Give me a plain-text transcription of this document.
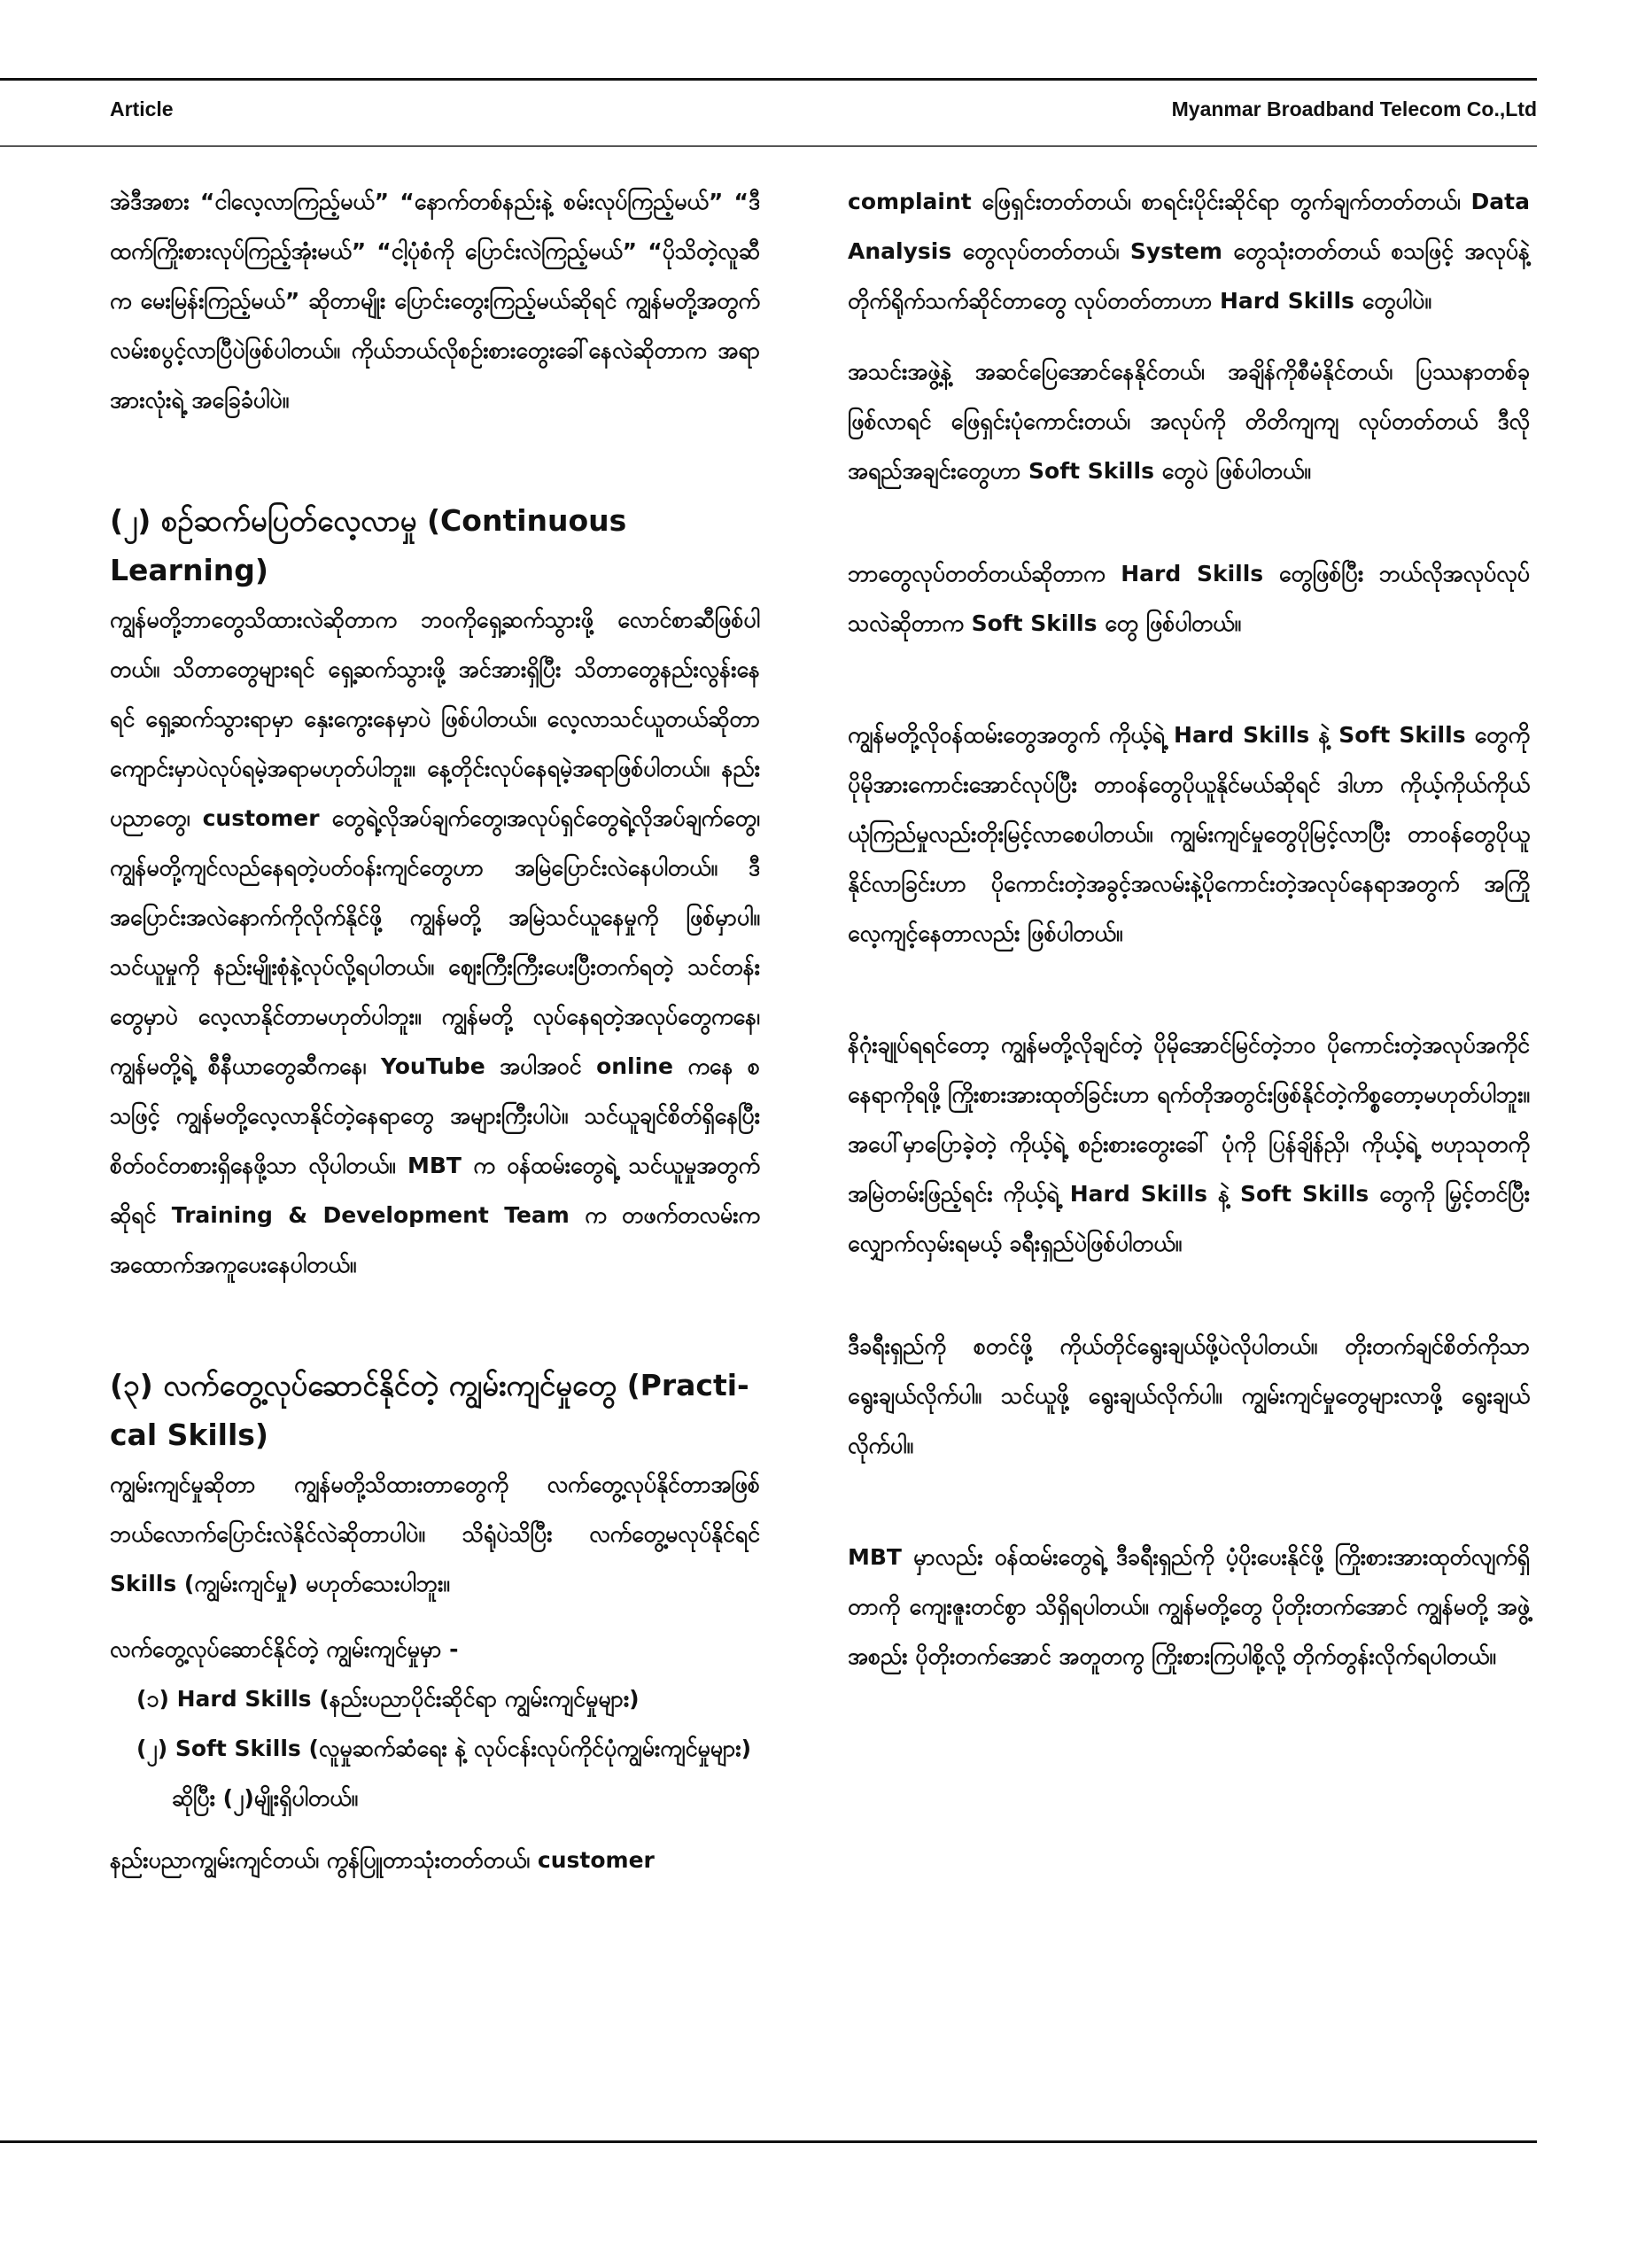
Article	Myanmar Broadband Telecom Co.,Ltd

အဲဒီအစား “ငါလေ့လာကြည့်မယ်” “နောက်တစ်နည်းနဲ့ စမ်းလုပ်ကြည့်မယ်” “ဒီထက်ကြိုးစားလုပ်ကြည့်အုံးမယ်” “ငါ့ပုံစံကို ပြောင်းလဲကြည့်မယ်” “ပိုသိတဲ့လူဆီက မေးမြန်းကြည့်မယ်” ဆိုတာမျိုး ပြောင်းတွေးကြည့်မယ်ဆိုရင် ကျွန်မတို့အတွက် လမ်းစပွင့်လာပြီပဲဖြစ်ပါတယ်။ ကိုယ်ဘယ်လိုစဉ်းစားတွေးခေါ်နေလဲဆိုတာက အရာအားလုံးရဲ့ အခြေခံပါပဲ။

(၂) စဉ်ဆက်မပြတ်လေ့လာမှု (Continuous Learning)

ကျွန်မတို့ဘာတွေသိထားလဲဆိုတာက ဘဝကိုရှေ့ဆက်သွားဖို့ လောင်စာဆီဖြစ်ပါတယ်။ သိတာတွေများရင် ရှေ့ဆက်သွားဖို့ အင်အားရှိပြီး သိတာတွေနည်းလွန်းနေရင် ရှေ့ဆက်သွားရာမှာ နှေးကွေးနေမှာပဲ ဖြစ်ပါတယ်။ လေ့လာသင်ယူတယ်ဆိုတာ ကျောင်းမှာပဲလုပ်ရမဲ့အရာမဟုတ်ပါဘူး။ နေ့တိုင်းလုပ်နေရမဲ့အရာဖြစ်ပါတယ်။ နည်းပညာတွေ၊ customer တွေရဲ့လိုအပ်ချက်တွေ၊အလုပ်ရှင်တွေရဲ့လိုအပ်ချက်တွေ၊ကျွန်မတို့ကျင်လည်နေရတဲ့ပတ်ဝန်းကျင်တွေဟာ အမြဲပြောင်းလဲနေပါတယ်။ ဒီအပြောင်းအလဲနောက်ကိုလိုက်နိုင်ဖို့ ကျွန်မတို့ အမြဲသင်ယူနေမှုကို ဖြစ်မှာပါ။ သင်ယူမှုကို နည်းမျိုးစုံနဲ့လုပ်လို့ရပါတယ်။ ဈေးကြီးကြီးပေးပြီးတက်ရတဲ့ သင်တန်းတွေမှာပဲ လေ့လာနိုင်တာမဟုတ်ပါဘူး။ ကျွန်မတို့ လုပ်နေရတဲ့အလုပ်တွေကနေ၊ ကျွန်မတို့ရဲ့ စီနီယာတွေဆီကနေ၊ YouTube အပါအဝင် online ကနေ စသဖြင့် ကျွန်မတို့လေ့လာနိုင်တဲ့နေရာတွေ အများကြီးပါပဲ။ သင်ယူချင်စိတ်ရှိနေပြီး စိတ်ဝင်တစားရှိနေဖို့သာ လိုပါတယ်။ MBT က ဝန်ထမ်းတွေရဲ့ သင်ယူမှုအတွက်ဆိုရင် Training & Development Team က တဖက်တလမ်းက အထောက်အကူပေးနေပါတယ်။

(၃) လက်တွေ့လုပ်ဆောင်နိုင်တဲ့ ကျွမ်းကျင်မှုတွေ (Practi-cal Skills)

ကျွမ်းကျင်မှုဆိုတာ ကျွန်မတို့သိထားတာတွေကို လက်တွေ့လုပ်နိုင်တာအဖြစ် ဘယ်လောက်ပြောင်းလဲနိုင်လဲဆိုတာပါပဲ။ သိရုံပဲသိပြီး လက်တွေ့မလုပ်နိုင်ရင် Skills (ကျွမ်းကျင်မှု) မဟုတ်သေးပါဘူး။

လက်တွေ့လုပ်ဆောင်နိုင်တဲ့ ကျွမ်းကျင်မှုမှာ -

(၁) Hard Skills (နည်းပညာပိုင်းဆိုင်ရာ ကျွမ်းကျင်မှုများ)

(၂) Soft Skills (လူမှုဆက်ဆံရေး နဲ့ လုပ်ငန်းလုပ်ကိုင်ပုံကျွမ်းကျင်မှုများ)

ဆိုပြီး (၂)မျိုးရှိပါတယ်။

နည်းပညာကျွမ်းကျင်တယ်၊ ကွန်ပြူတာသုံးတတ်တယ်၊ customer

complaint ဖြေရှင်းတတ်တယ်၊ စာရင်းပိုင်းဆိုင်ရာ တွက်ချက်တတ်တယ်၊ Data Analysis တွေလုပ်တတ်တယ်၊ System တွေသုံးတတ်တယ် စသဖြင့် အလုပ်နဲ့တိုက်ရိုက်သက်ဆိုင်တာတွေ လုပ်တတ်တာဟာ Hard Skills တွေပါပဲ။

အသင်းအဖွဲ့နဲ့ အဆင်ပြေအောင်နေနိုင်တယ်၊ အချိန်ကိုစီမံနိုင်တယ်၊ ပြဿနာတစ်ခုဖြစ်လာရင် ဖြေရှင်းပုံကောင်းတယ်၊ အလုပ်ကို တိတိကျကျ လုပ်တတ်တယ် ဒီလိုအရည်အချင်းတွေဟာ Soft Skills တွေပဲ ဖြစ်ပါတယ်။

ဘာတွေလုပ်တတ်တယ်ဆိုတာက Hard Skills တွေဖြစ်ပြီး ဘယ်လိုအလုပ်လုပ်သလဲဆိုတာက Soft Skills တွေ ဖြစ်ပါတယ်။

ကျွန်မတို့လိုဝန်ထမ်းတွေအတွက် ကိုယ့်ရဲ့ Hard Skills နဲ့ Soft Skills တွေကို ပိုမိုအားကောင်းအောင်လုပ်ပြီး တာဝန်တွေပိုယူနိုင်မယ်ဆိုရင် ဒါဟာ ကိုယ့်ကိုယ်ကိုယ် ယုံကြည်မှုလည်းတိုးမြင့်လာစေပါတယ်။ ကျွမ်းကျင်မှုတွေပိုမြင့်လာပြီး တာဝန်တွေပိုယူနိုင်လာခြင်းဟာ ပိုကောင်းတဲ့အခွင့်အလမ်းနဲ့ပိုကောင်းတဲ့အလုပ်နေရာအတွက် အကြိုလေ့ကျင့်နေတာလည်း ဖြစ်ပါတယ်။

နိဂုံးချုပ်ရရင်တော့ ကျွန်မတို့လိုချင်တဲ့ ပိုမိုအောင်မြင်တဲ့ဘဝ ပိုကောင်းတဲ့အလုပ်အကိုင်နေရာကိုရဖို့ ကြိုးစားအားထုတ်ခြင်းဟာ ရက်တိုအတွင်းဖြစ်နိုင်တဲ့ကိစ္စတော့မဟုတ်ပါဘူး။ အပေါ်မှာပြောခဲ့တဲ့ ကိုယ့်ရဲ့ စဉ်းစားတွေးခေါ် ပုံကို ပြန်ချိန်ညှိ၊ ကိုယ့်ရဲ့ ဗဟုသုတကို အမြဲတမ်းဖြည့်ရင်း ကိုယ့်ရဲ့ Hard Skills နဲ့ Soft Skills တွေကို မြှင့်တင်ပြီး လျှောက်လှမ်းရမယ့် ခရီးရှည်ပဲဖြစ်ပါတယ်။

ဒီခရီးရှည်ကို စတင်ဖို့ ကိုယ်တိုင်ရွေးချယ်ဖို့ပဲလိုပါတယ်။ တိုးတက်ချင်စိတ်ကိုသာ ရွေးချယ်လိုက်ပါ။ သင်ယူဖို့ ရွေးချယ်လိုက်ပါ။ ကျွမ်းကျင်မှုတွေများလာဖို့ ရွေးချယ်လိုက်ပါ။

MBT မှာလည်း ဝန်ထမ်းတွေရဲ့ ဒီခရီးရှည်ကို ပံ့ပိုးပေးနိုင်ဖို့ ကြိုးစားအားထုတ်လျက်ရှိတာကို ကျေးဇူးတင်စွာ သိရှိရပါတယ်။ ကျွန်မတို့တွေ ပိုတိုးတက်အောင် ကျွန်မတို့ အဖွဲ့အစည်း ပိုတိုးတက်အောင် အတူတကွ ကြိုးစားကြပါစို့လို့ တိုက်တွန်းလိုက်ရပါတယ်။
